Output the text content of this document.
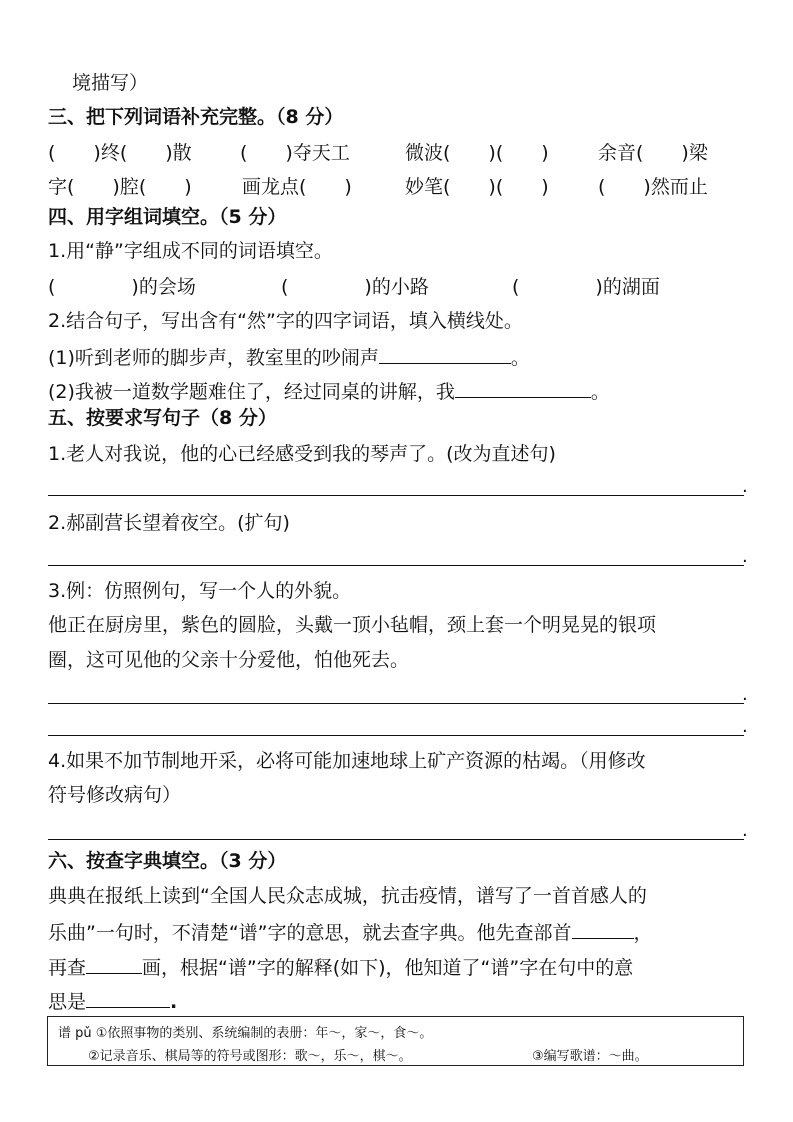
境描写）
三、把下列词语补充完整。（8 分）
(　　)终(　　)散	(　　)夺天工	微波(　　)(　　)	余音(　　)梁
字(　　)腔(　　)	画龙点(　　)	妙笔(　　)(　　)	(　　)然而止
四、用字组词填空。（5 分）
1.用“静”字组成不同的词语填空。
(　　　　)的会场	(　　　　)的小路	(　　　　)的湖面
2.结合句子，写出含有“然”字的四字词语，填入横线处。
(1)听到老师的脚步声，教室里的吵闹声	。
(2)我被一道数学题难住了，经过同桌的讲解，我	。
五、按要求写句子（8 分）
1.老人对我说，他的心已经感受到我的琴声了。(改为直述句)
.
2.郝副营长望着夜空。(扩句)
.
3.例：仿照例句，写一个人的外貌。
他正在厨房里，紫色的圆脸，头戴一顶小毡帽，颈上套一个明晃晃的银项
圈，这可见他的父亲十分爱他，怕他死去。
.
.
4.如果不加节制地开采，必将可能加速地球上矿产资源的枯竭。（用修改
符号修改病句）
.
六、按查字典填空。（3 分）
典典在报纸上读到“全国人民众志成城，抗击疫情，谱写了一首首感人的
乐曲”一句时，不清楚“谱”字的意思，就去查字典。他先查部首	，
再查	画，根据“谱”字的解释(如下)，他知道了“谱”字在句中的意
思是	.
谱 pǔ ①依照事物的类别、系统编制的表册：年～，家～，食～。
②记录音乐、棋局等的符号或图形：歌～，乐～，棋～。	③编写歌谱：～曲。
